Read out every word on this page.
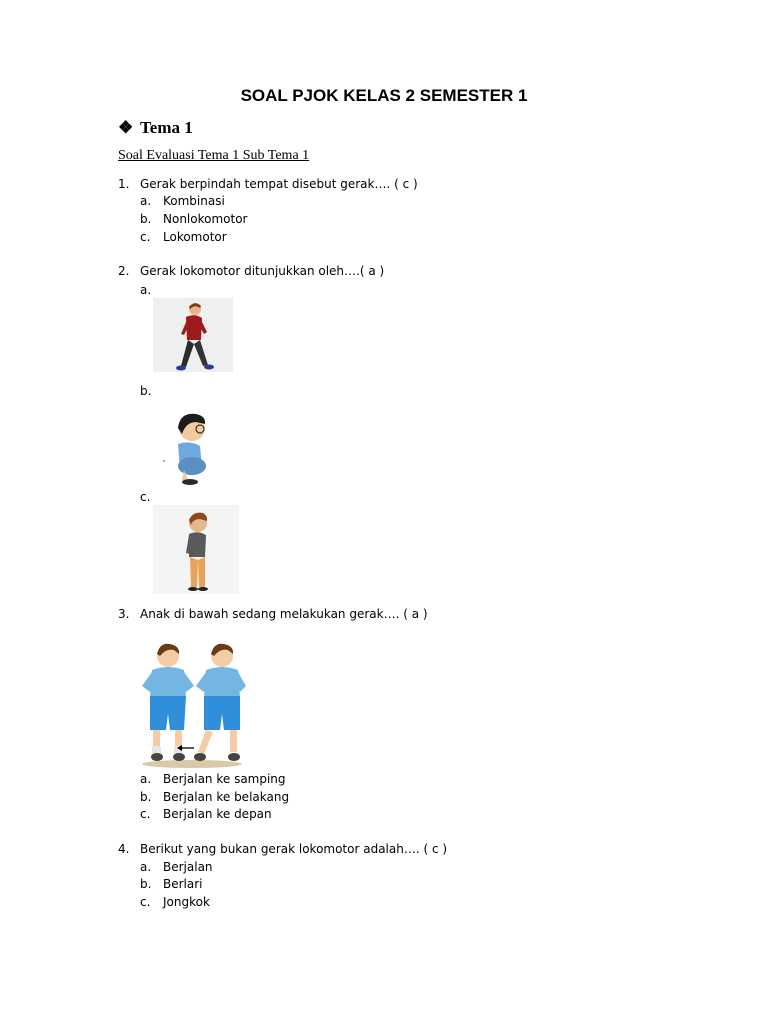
SOAL PJOK KELAS 2 SEMESTER 1
❖ Tema 1
Soal Evaluasi Tema 1 Sub Tema 1
1. Gerak berpindah tempat disebut gerak…. ( c )
a. Kombinasi
b. Nonlokomotor
c. Lokomotor
2. Gerak lokomotor ditunjukkan oleh….( a )
a.
b.
c.
3. Anak di bawah sedang melakukan gerak…. ( a )
a. Berjalan ke samping
b. Berjalan ke belakang
c. Berjalan ke depan
4. Berikut yang bukan gerak lokomotor adalah…. ( c )
a. Berjalan
b. Berlari
c. Jongkok
